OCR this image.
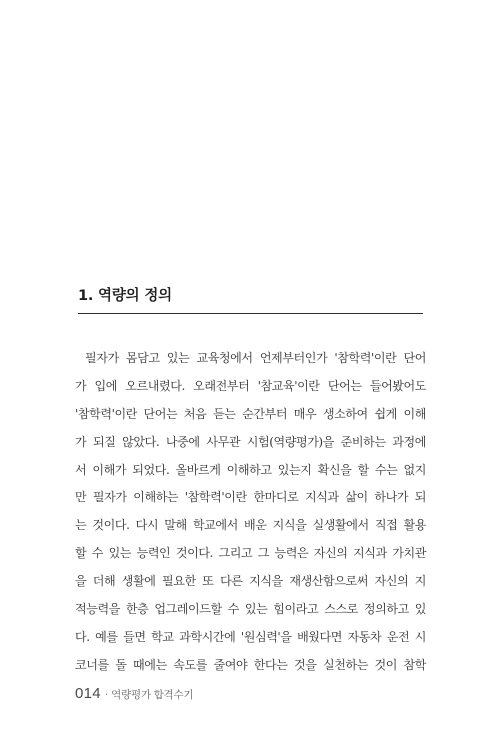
1. 역량의 정의
필자가 몸담고 있는 교육청에서 언제부터인가 '참학력'이란 단어
가 입에 오르내렸다. 오래전부터 '참교육'이란 단어는 들어봤어도
'참학력'이란 단어는 처음 듣는 순간부터 매우 생소하여 쉽게 이해
가 되질 않았다. 나중에 사무관 시험(역량평가)을 준비하는 과정에
서 이해가 되었다. 올바르게 이해하고 있는지 확신을 할 수는 없지
만 필자가 이해하는 '참학력'이란 한마디로 지식과 삶이 하나가 되
는 것이다. 다시 말해 학교에서 배운 지식을 실생활에서 직접 활용
할 수 있는 능력인 것이다. 그리고 그 능력은 자신의 지식과 가치관
을 더해 생활에 필요한 또 다른 지식을 재생산함으로써 자신의 지
적능력을 한층 업그레이드할 수 있는 힘이라고 스스로 정의하고 있
다. 예를 들면 학교 과학시간에 '원심력'을 배웠다면 자동차 운전 시
코너를 돌 때에는 속도를 줄여야 한다는 것을 실천하는 것이 참학
014 · 역량평가 합격수기
